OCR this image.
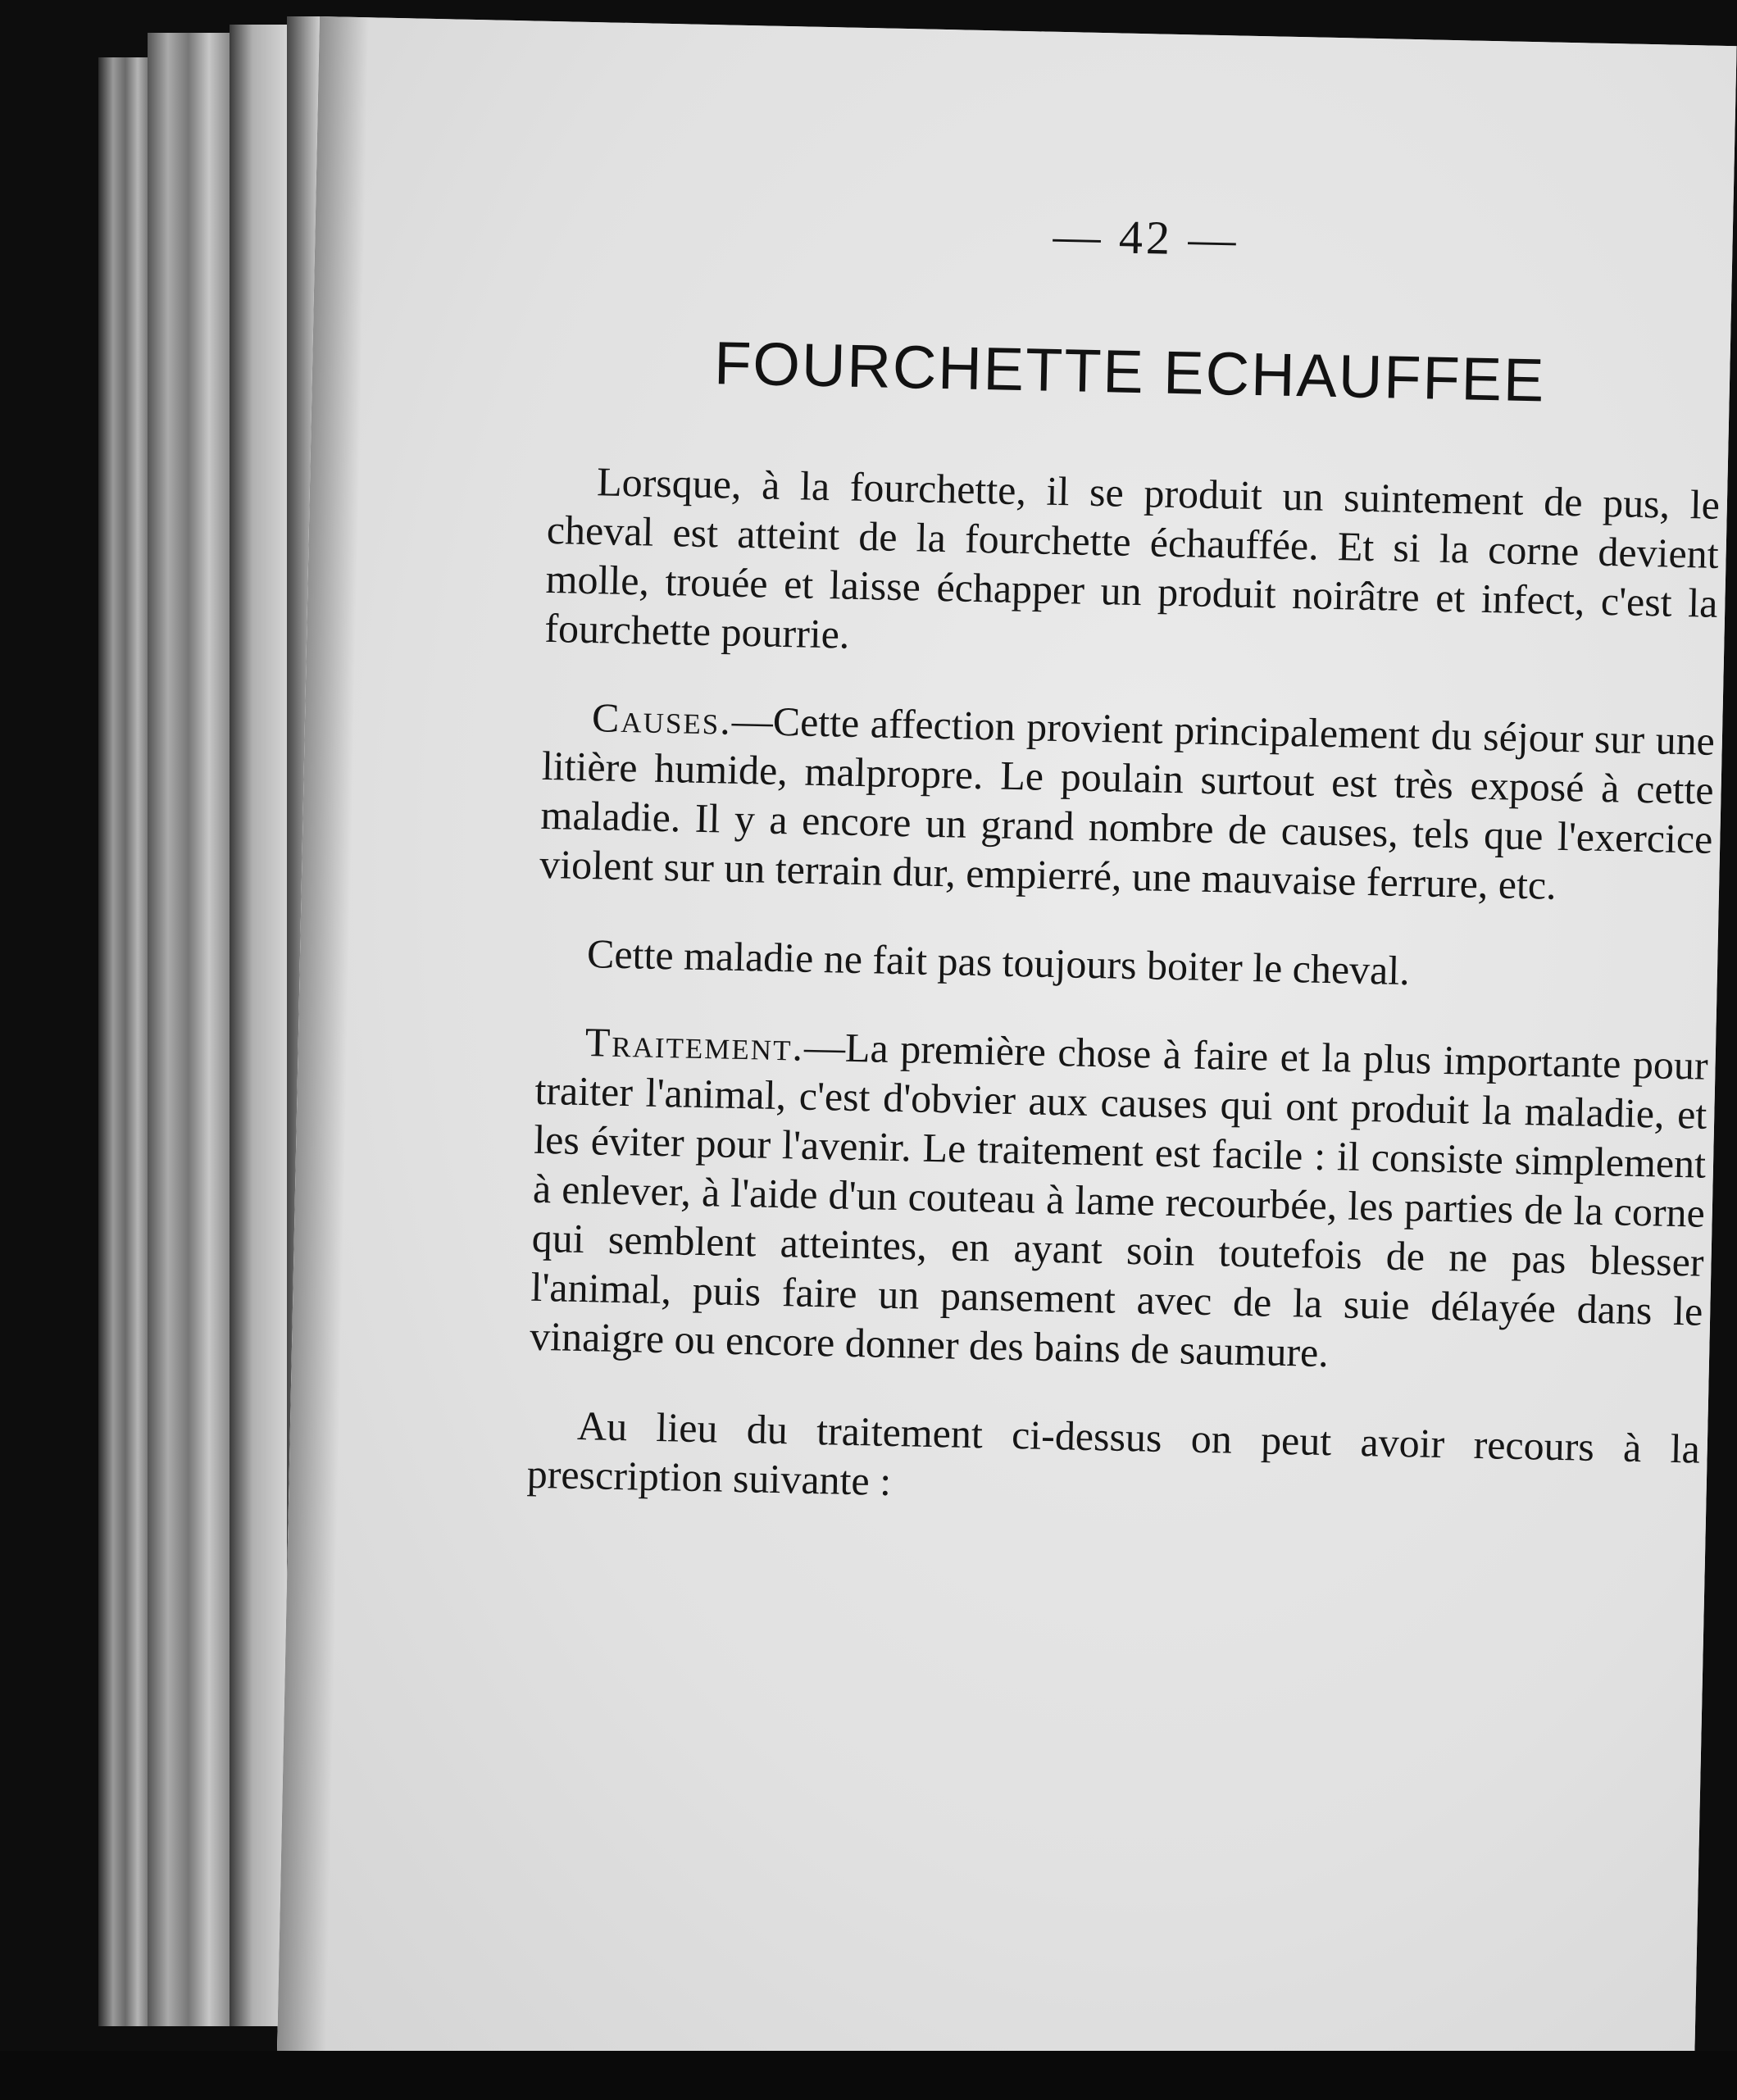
— 42 —
FOURCHETTE ECHAUFFEE

Lorsque, à la fourchette, il se produit un suintement de pus, le cheval est atteint de la fourchette échauffée. Et si la corne devient molle, trouée et laisse échapper un produit noirâtre et infect, c'est la fourchette pourrie.

Causes.—Cette affection provient principalement du séjour sur une litière humide, malpropre. Le poulain surtout est très exposé à cette maladie. Il y a encore un grand nombre de causes, tels que l'exercice violent sur un terrain dur, empierré, une mauvaise ferrure, etc.

Cette maladie ne fait pas toujours boiter le cheval.

Traitement.—La première chose à faire et la plus importante pour traiter l'animal, c'est d'obvier aux causes qui ont produit la maladie, et les éviter pour l'avenir. Le traitement est facile : il consiste simplement à enlever, à l'aide d'un couteau à lame recourbée, les parties de la corne qui semblent atteintes, en ayant soin toutefois de ne pas blesser l'animal, puis faire un pansement avec de la suie délayée dans le vinaigre ou encore donner des bains de saumure.

Au lieu du traitement ci-dessus on peut avoir recours à la prescription suivante :
